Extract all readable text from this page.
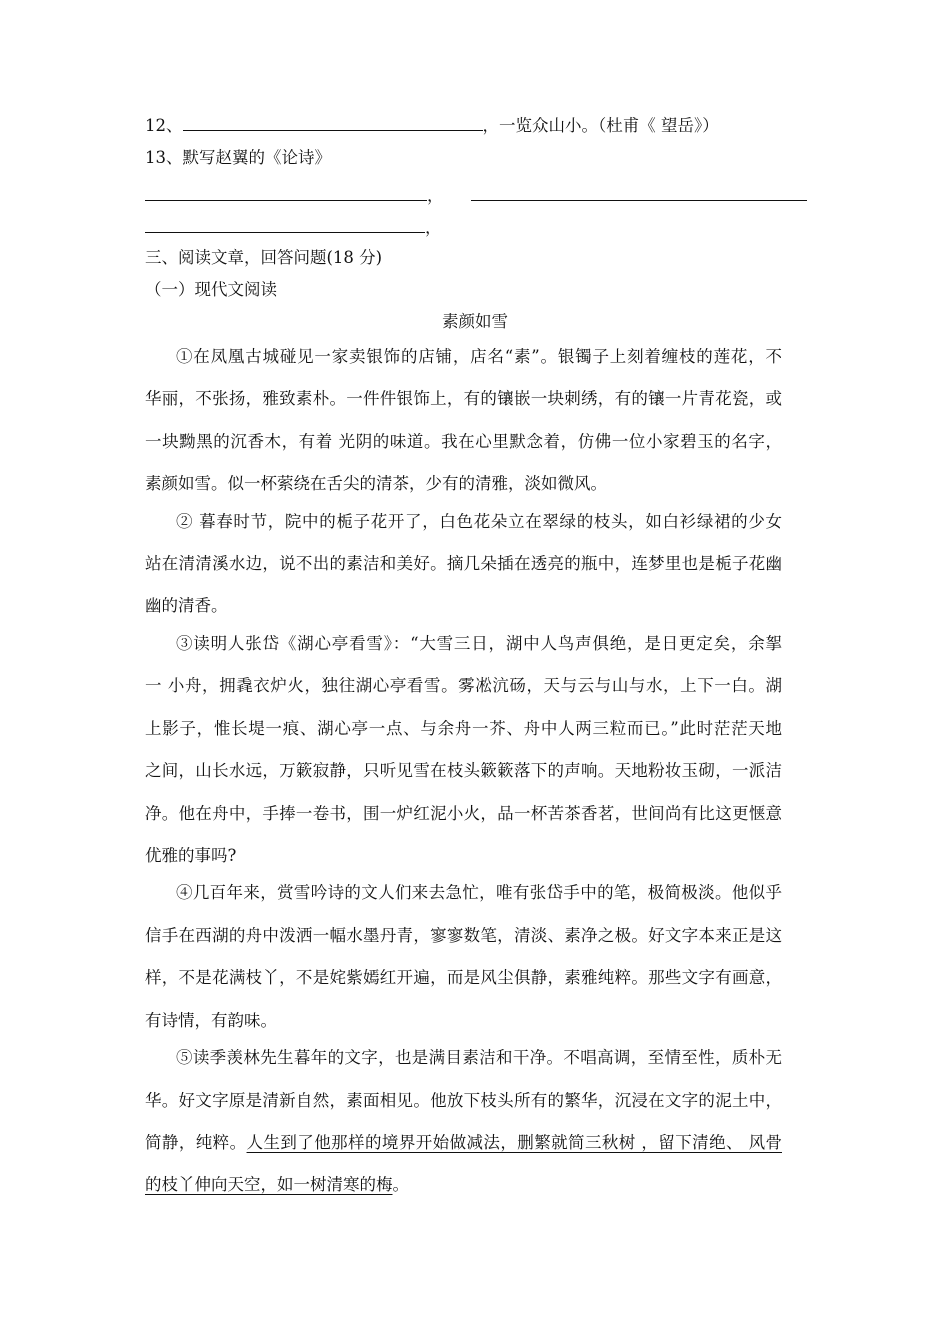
12、	，一览众山小。（杜甫《 望岳》）
13、默写赵翼的《论诗》
，
，
三、阅读文章，回答问题(18 分)
（一）现代文阅读
素颜如雪
①在凤凰古城碰见一家卖银饰的店铺，店名“素”。银镯子上刻着缠枝的莲花，不
华丽，不张扬，雅致素朴。一件件银饰上，有的镶嵌一块刺绣，有的镶一片青花瓷，或
一块黝黑的沉香木，有着 光阴的味道。我在心里默念着，仿佛一位小家碧玉的名字，
素颜如雪。似一杯萦绕在舌尖的清茶，少有的清雅，淡如微风。
② 暮春时节，院中的栀子花开了，白色花朵立在翠绿的枝头，如白衫绿裙的少女
站在清清溪水边，说不出的素洁和美好。摘几朵插在透亮的瓶中，连梦里也是栀子花幽
幽的清香。
③读明人张岱《湖心亭看雪》：“大雪三日，湖中人鸟声俱绝，是日更定矣，余挐
一 小舟，拥毳衣炉火，独往湖心亭看雪。雾凇沆砀，天与云与山与水，上下一白。湖
上影子，惟长堤一痕、湖心亭一点、与余舟一芥、舟中人两三粒而已。”此时茫茫天地
之间，山长水远，万簌寂静，只听见雪在枝头簌簌落下的声响。天地粉妆玉砌，一派洁
净。他在舟中，手捧一卷书，围一炉红泥小火，品一杯苦茶香茗，世间尚有比这更惬意
优雅的事吗?
④几百年来，赏雪吟诗的文人们来去急忙，唯有张岱手中的笔，极简极淡。他似乎
信手在西湖的舟中泼洒一幅水墨丹青，寥寥数笔，清淡、素净之极。好文字本来正是这
样，不是花满枝丫，不是姹紫嫣红开遍，而是风尘俱静，素雅纯粹。那些文字有画意，
有诗情，有韵味。
⑤读季羡林先生暮年的文字，也是满目素洁和干净。不唱高调，至情至性，质朴无
华。好文字原是清新自然，素面相见。他放下枝头所有的繁华，沉浸在文字的泥土中，
简静，纯粹。人生到了他那样的境界开始做减法，删繁就简三秋树 ，留下清绝、 风骨
的枝丫伸向天空，如一树清寒的梅。
